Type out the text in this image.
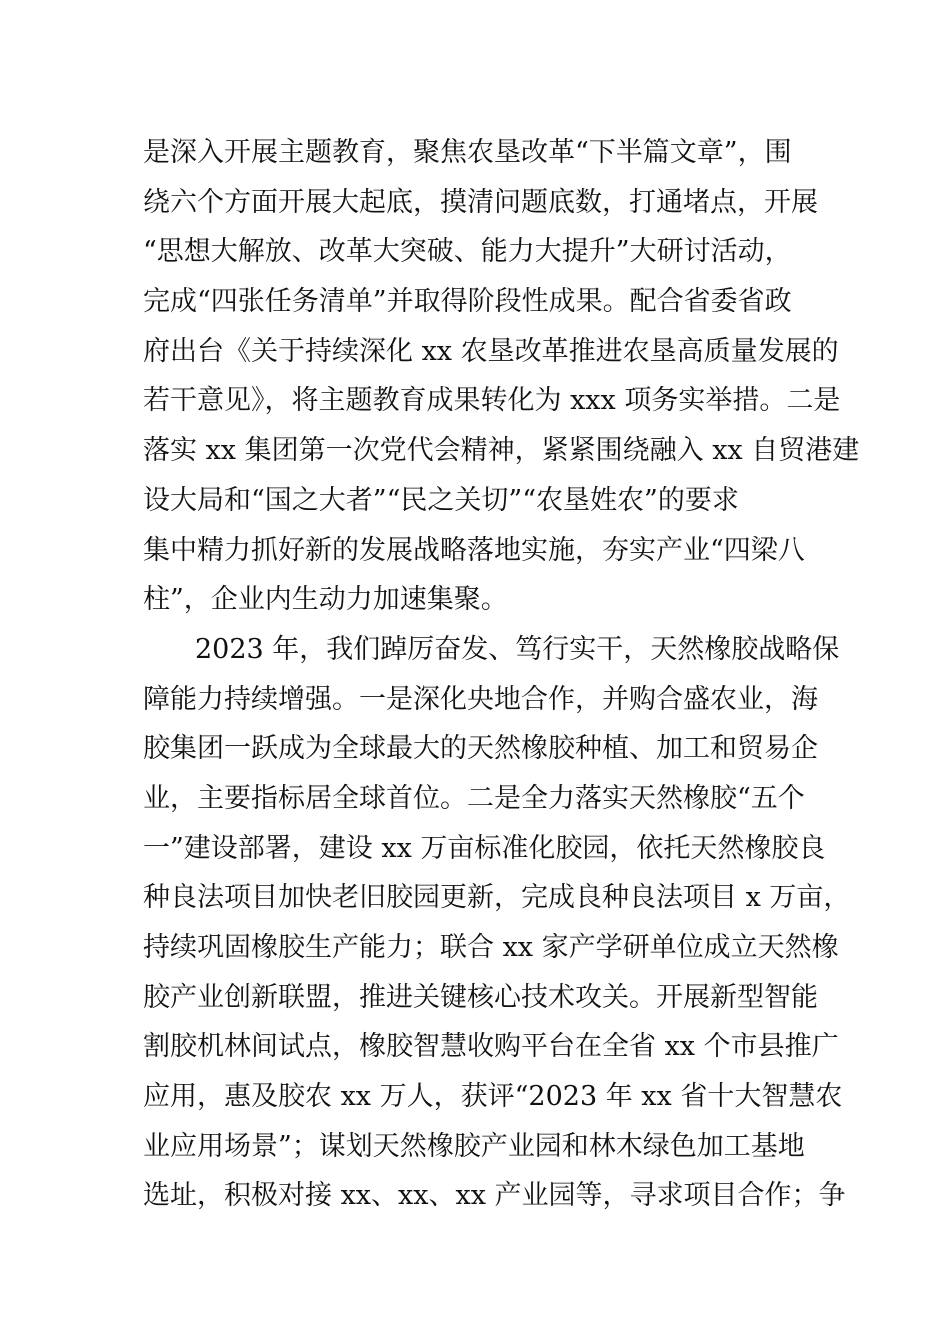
是深入开展主题教育，聚焦农垦改革“下半篇文章”，围
绕六个方面开展大起底，摸清问题底数，打通堵点，开展
“思想大解放、改革大突破、能力大提升”大研讨活动，
完成“四张任务清单”并取得阶段性成果。配合省委省政
府出台《关于持续深化 xx 农垦改革推进农垦高质量发展的
若干意见》，将主题教育成果转化为 xxx 项务实举措。二是
落实 xx 集团第一次党代会精神，紧紧围绕融入 xx 自贸港建
设大局和“国之大者”“民之关切”“农垦姓农”的要求
集中精力抓好新的发展战略落地实施，夯实产业“四梁八
柱”，企业内生动力加速集聚。
2023 年，我们踔厉奋发、笃行实干，天然橡胶战略保
障能力持续增强。一是深化央地合作，并购合盛农业，海
胶集团一跃成为全球最大的天然橡胶种植、加工和贸易企
业，主要指标居全球首位。二是全力落实天然橡胶“五个
一”建设部署，建设 xx 万亩标准化胶园，依托天然橡胶良
种良法项目加快老旧胶园更新，完成良种良法项目 x 万亩，
持续巩固橡胶生产能力；联合 xx 家产学研单位成立天然橡
胶产业创新联盟，推进关键核心技术攻关。开展新型智能
割胶机林间试点，橡胶智慧收购平台在全省 xx 个市县推广
应用，惠及胶农 xx 万人，获评“2023 年 xx 省十大智慧农
业应用场景”；谋划天然橡胶产业园和林木绿色加工基地
选址，积极对接 xx、xx、xx 产业园等，寻求项目合作；争
